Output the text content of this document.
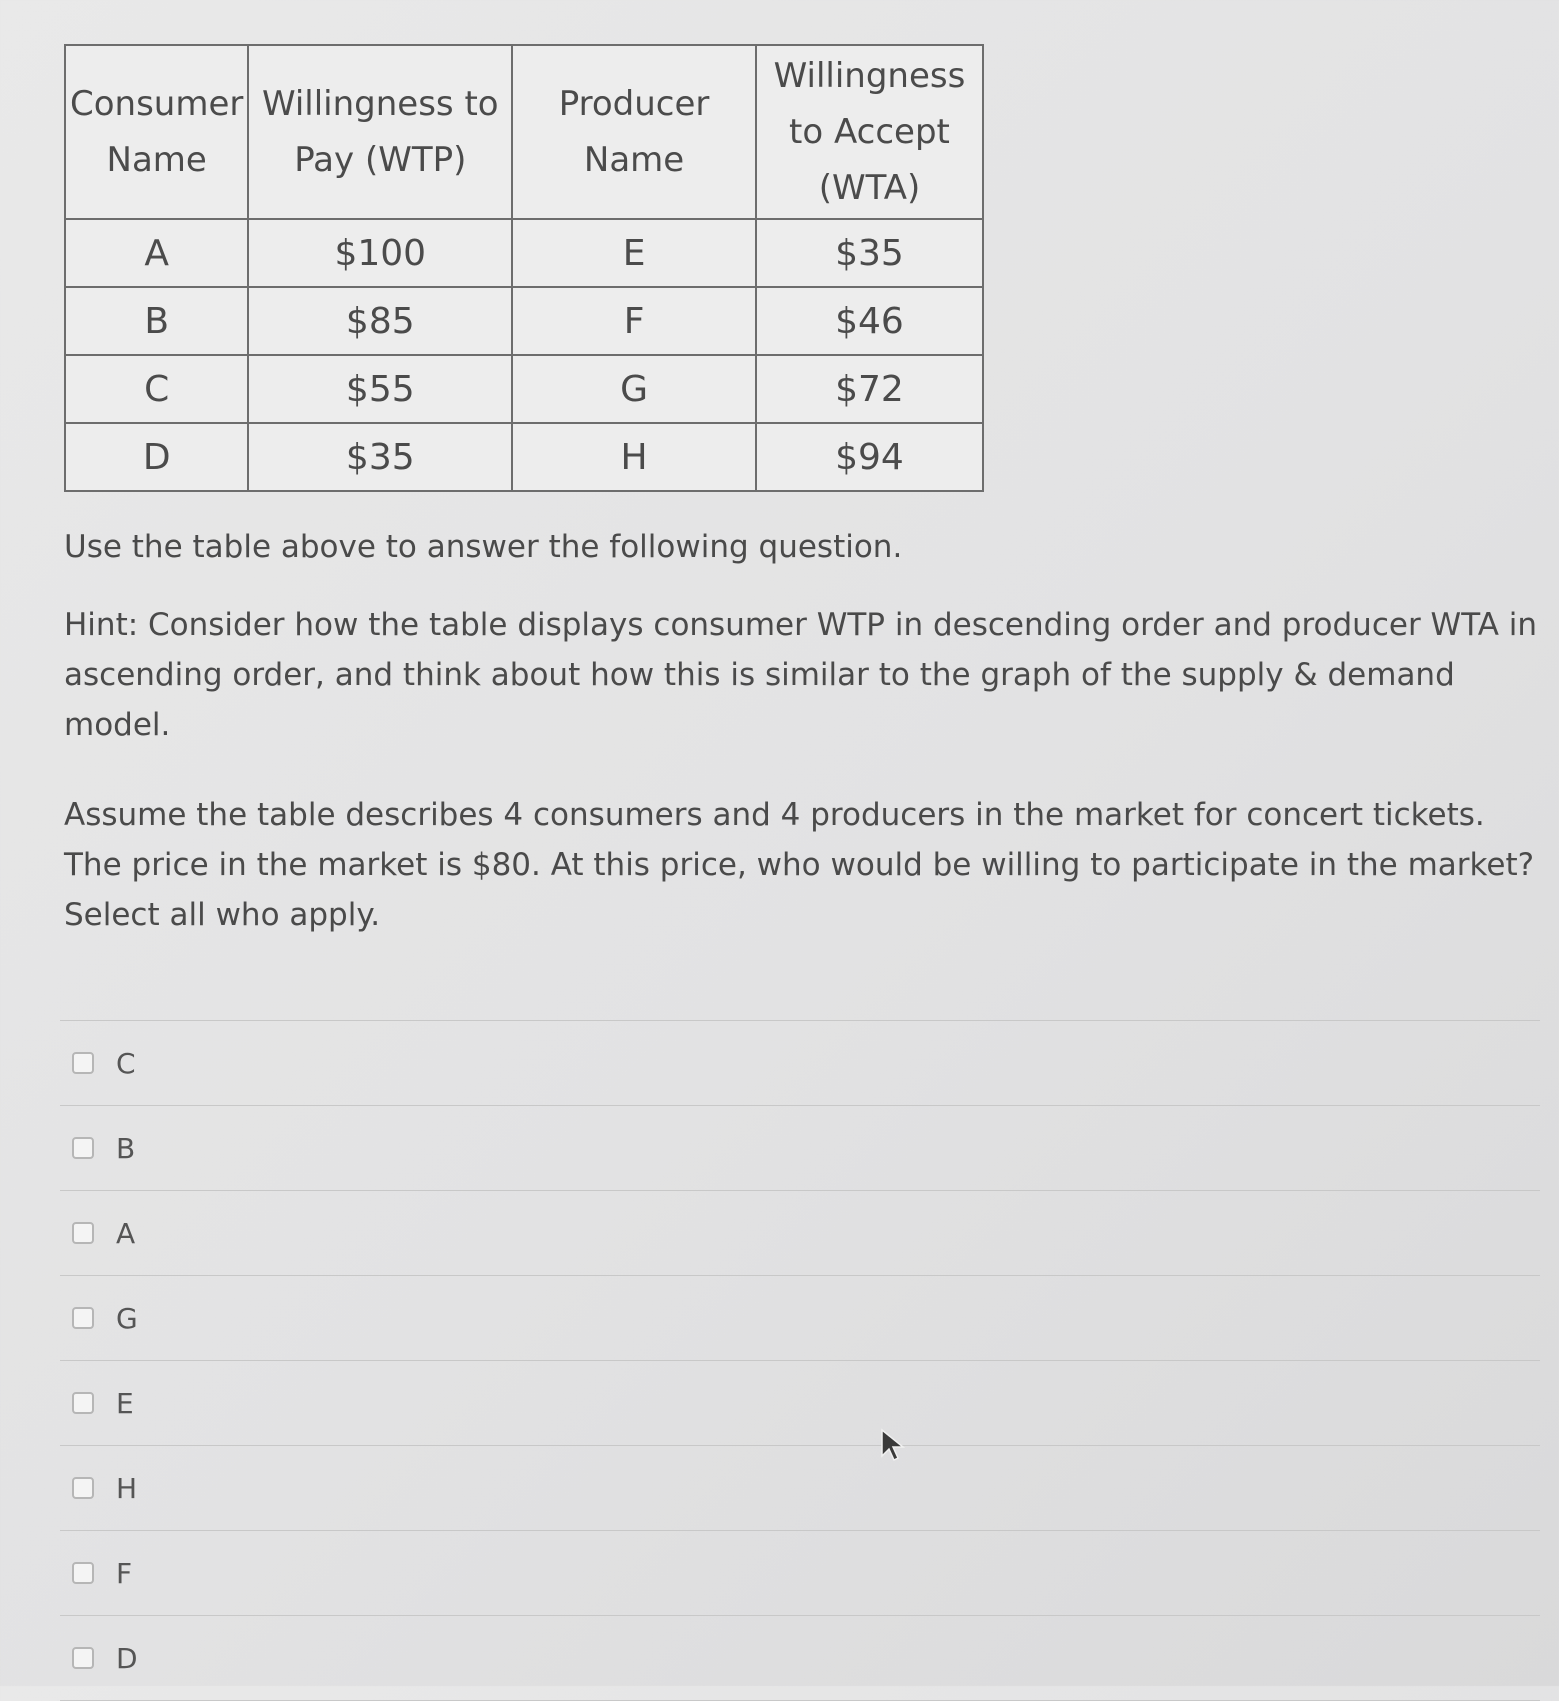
Consumer Name	Willingness to Pay (WTP)	Producer Name	Willingness to Accept (WTA)
A	$100	E	$35
B	$85	F	$46
C	$55	G	$72
D	$35	H	$94

Use the table above to answer the following question.

Hint: Consider how the table displays consumer WTP in descending order and producer WTA in ascending order, and think about how this is similar to the graph of the supply & demand model.

Assume the table describes 4 consumers and 4 producers in the market for concert tickets. The price in the market is $80. At this price, who would be willing to participate in the market? Select all who apply.

C
B
A
G
E
H
F
D
